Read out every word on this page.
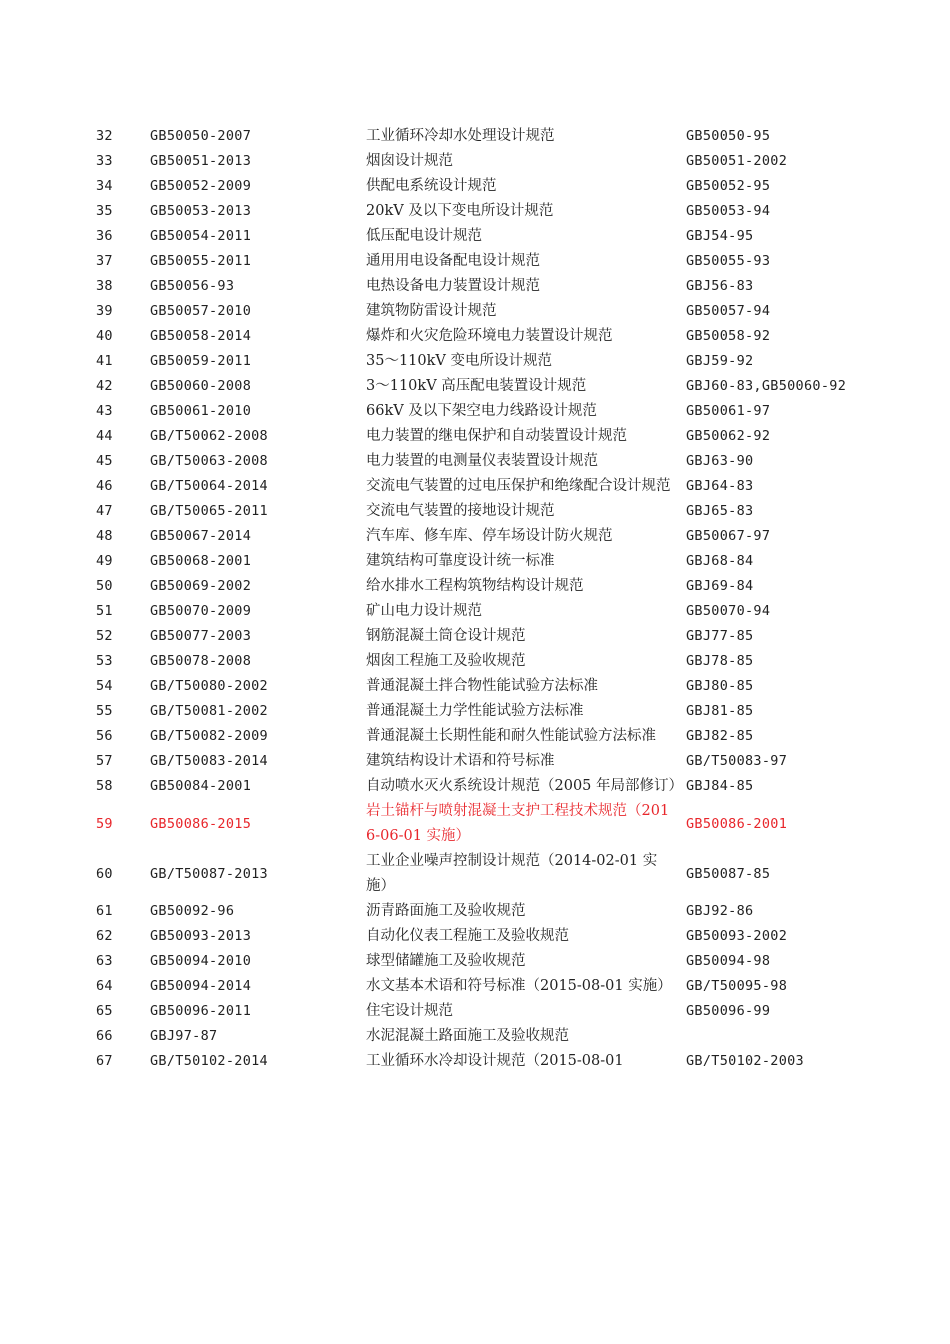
32	GB50050-2007	工业循环冷却水处理设计规范	GB50050-95
33	GB50051-2013	烟囱设计规范	GB50051-2002
34	GB50052-2009	供配电系统设计规范	GB50052-95
35	GB50053-2013	20kV 及以下变电所设计规范	GB50053-94
36	GB50054-2011	低压配电设计规范	GBJ54-95
37	GB50055-2011	通用用电设备配电设计规范	GB50055-93
38	GB50056-93	电热设备电力装置设计规范	GBJ56-83
39	GB50057-2010	建筑物防雷设计规范	GB50057-94
40	GB50058-2014	爆炸和火灾危险环境电力装置设计规范	GB50058-92
41	GB50059-2011	35～110kV 变电所设计规范	GBJ59-92
42	GB50060-2008	3～110kV 高压配电装置设计规范	GBJ60-83,GB50060-92
43	GB50061-2010	66kV 及以下架空电力线路设计规范	GB50061-97
44	GB/T50062-2008	电力装置的继电保护和自动装置设计规范	GB50062-92
45	GB/T50063-2008	电力装置的电测量仪表装置设计规范	GBJ63-90
46	GB/T50064-2014	交流电气装置的过电压保护和绝缘配合设计规范	GBJ64-83
47	GB/T50065-2011	交流电气装置的接地设计规范	GBJ65-83
48	GB50067-2014	汽车库、修车库、停车场设计防火规范	GB50067-97
49	GB50068-2001	建筑结构可靠度设计统一标准	GBJ68-84
50	GB50069-2002	给水排水工程构筑物结构设计规范	GBJ69-84
51	GB50070-2009	矿山电力设计规范	GB50070-94
52	GB50077-2003	钢筋混凝土筒仓设计规范	GBJ77-85
53	GB50078-2008	烟囱工程施工及验收规范	GBJ78-85
54	GB/T50080-2002	普通混凝土拌合物性能试验方法标准	GBJ80-85
55	GB/T50081-2002	普通混凝土力学性能试验方法标准	GBJ81-85
56	GB/T50082-2009	普通混凝土长期性能和耐久性能试验方法标准	GBJ82-85
57	GB/T50083-2014	建筑结构设计术语和符号标准	GB/T50083-97
58	GB50084-2001	自动喷水灭火系统设计规范（2005 年局部修订）	GBJ84-85
59	GB50086-2015	岩土锚杆与喷射混凝土支护工程技术规范（2016-06-01 实施）	GB50086-2001
60	GB/T50087-2013	工业企业噪声控制设计规范（2014-02-01 实施）	GB50087-85
61	GB50092-96	沥青路面施工及验收规范	GBJ92-86
62	GB50093-2013	自动化仪表工程施工及验收规范	GB50093-2002
63	GB50094-2010	球型储罐施工及验收规范	GB50094-98
64	GB50094-2014	水文基本术语和符号标准（2015-08-01 实施）	GB/T50095-98
65	GB50096-2011	住宅设计规范	GB50096-99
66	GBJ97-87	水泥混凝土路面施工及验收规范	
67	GB/T50102-2014	工业循环水冷却设计规范（2015-08-01	GB/T50102-2003
